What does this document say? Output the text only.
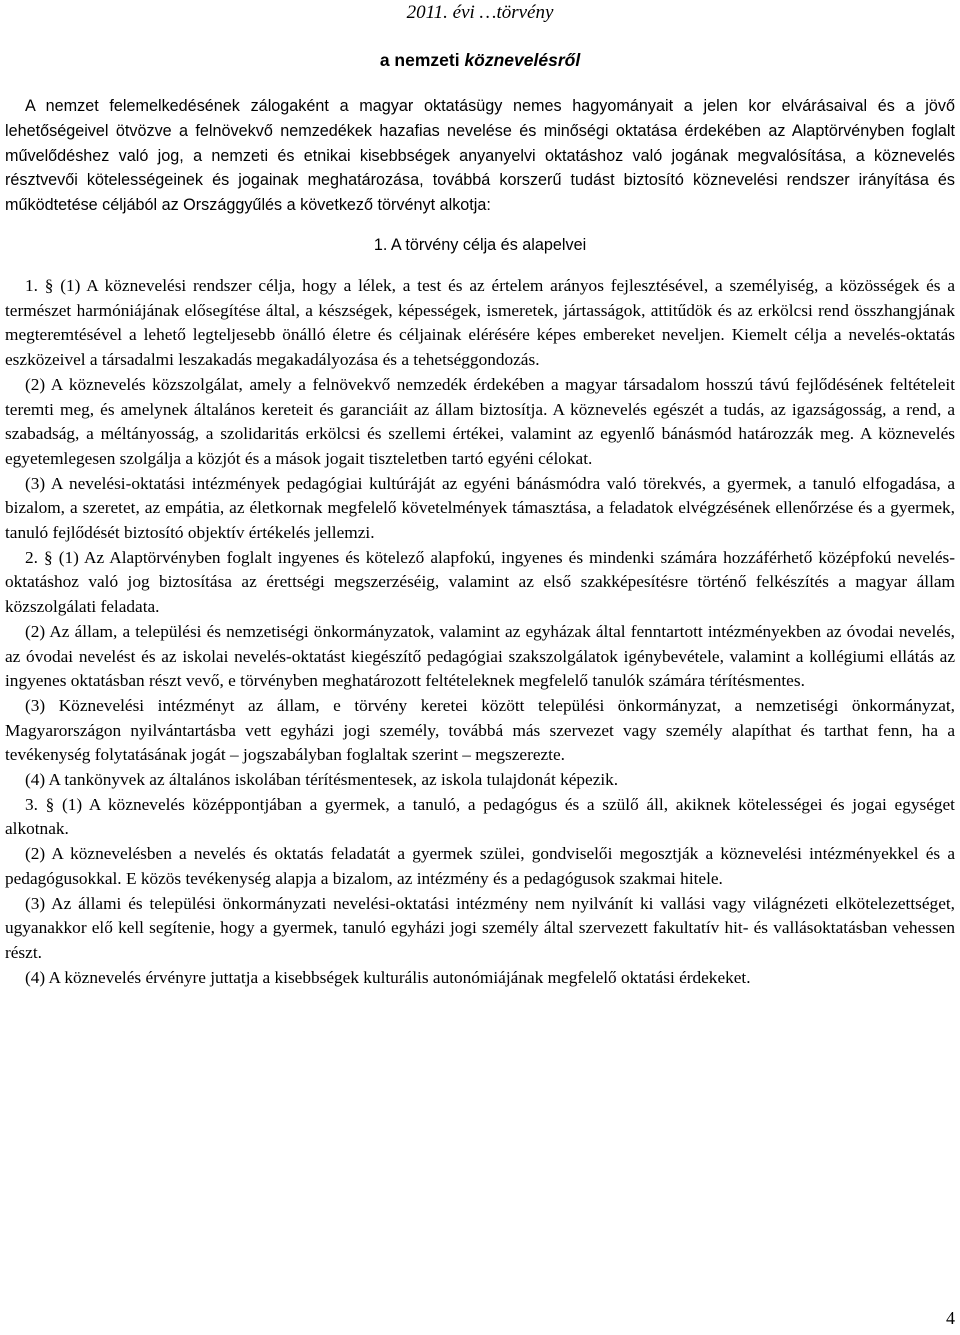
2011. évi …törvény
a nemzeti köznevelésről

A nemzet felemelkedésének zálogaként a magyar oktatásügy nemes hagyományait a jelen kor elvárásaival és a jövő lehetőségeivel ötvözve a felnövekvő nemzedékek hazafias nevelése és minőségi oktatása érdekében az Alaptörvényben foglalt művelődéshez való jog, a nemzeti és etnikai kisebbségek anyanyelvi oktatáshoz való jogának megvalósítása, a köznevelés résztvevői kötelességeinek és jogainak meghatározása, továbbá korszerű tudást biztosító köznevelési rendszer irányítása és működtetése céljából az Országgyűlés a következő törvényt alkotja:

1. A törvény célja és alapelvei

1. § (1) A köznevelési rendszer célja, hogy a lélek, a test és az értelem arányos fejlesztésével, a személyiség, a közösségek és a természet harmóniájának elősegítése által, a készségek, képességek, ismeretek, jártasságok, attitűdök és az erkölcsi rend összhangjának megteremtésével a lehető legteljesebb önálló életre és céljainak elérésére képes embereket neveljen. Kiemelt célja a nevelés-oktatás eszközeivel a társadalmi leszakadás megakadályozása és a tehetséggondozás.

(2) A köznevelés közszolgálat, amely a felnövekvő nemzedék érdekében a magyar társadalom hosszú távú fejlődésének feltételeit teremti meg, és amelynek általános kereteit és garanciáit az állam biztosítja. A köznevelés egészét a tudás, az igazságosság, a rend, a szabadság, a méltányosság, a szolidaritás erkölcsi és szellemi értékei, valamint az egyenlő bánásmód határozzák meg. A köznevelés egyetemlegesen szolgálja a közjót és a mások jogait tiszteletben tartó egyéni célokat.

(3) A nevelési-oktatási intézmények pedagógiai kultúráját az egyéni bánásmódra való törekvés, a gyermek, a tanuló elfogadása, a bizalom, a szeretet, az empátia, az életkornak megfelelő követelmények támasztása, a feladatok elvégzésének ellenőrzése és a gyermek, tanuló fejlődését biztosító objektív értékelés jellemzi.

2. § (1) Az Alaptörvényben foglalt ingyenes és kötelező alapfokú, ingyenes és mindenki számára hozzáférhető középfokú nevelés-oktatáshoz való jog biztosítása az érettségi megszerzéséig, valamint az első szakképesítésre történő felkészítés a magyar állam közszolgálati feladata.

(2) Az állam, a települési és nemzetiségi önkormányzatok, valamint az egyházak által fenntartott intézményekben az óvodai nevelés, az óvodai nevelést és az iskolai nevelés-oktatást kiegészítő pedagógiai szakszolgálatok igénybevétele, valamint a kollégiumi ellátás az ingyenes oktatásban részt vevő, e törvényben meghatározott feltételeknek megfelelő tanulók számára térítésmentes.

(3) Köznevelési intézményt az állam, e törvény keretei között települési önkormányzat, a nemzetiségi önkormányzat, Magyarországon nyilvántartásba vett egyházi jogi személy, továbbá más szervezet vagy személy alapíthat és tarthat fenn, ha a tevékenység folytatásának jogát – jogszabályban foglaltak szerint – megszerezte.

(4) A tankönyvek az általános iskolában térítésmentesek, az iskola tulajdonát képezik.

3. § (1) A köznevelés középpontjában a gyermek, a tanuló, a pedagógus és a szülő áll, akiknek kötelességei és jogai egységet alkotnak.

(2) A köznevelésben a nevelés és oktatás feladatát a gyermek szülei, gondviselői megosztják a köznevelési intézményekkel és a pedagógusokkal. E közös tevékenység alapja a bizalom, az intézmény és a pedagógusok szakmai hitele.

(3) Az állami és települési önkormányzati nevelési-oktatási intézmény nem nyilvánít ki vallási vagy világnézeti elkötelezettséget, ugyanakkor elő kell segítenie, hogy a gyermek, tanuló egyházi jogi személy által szervezett fakultatív hit- és vallásoktatásban vehessen részt.

(4) A köznevelés érvényre juttatja a kisebbségek kulturális autonómiájának megfelelő oktatási érdekeket.

4
